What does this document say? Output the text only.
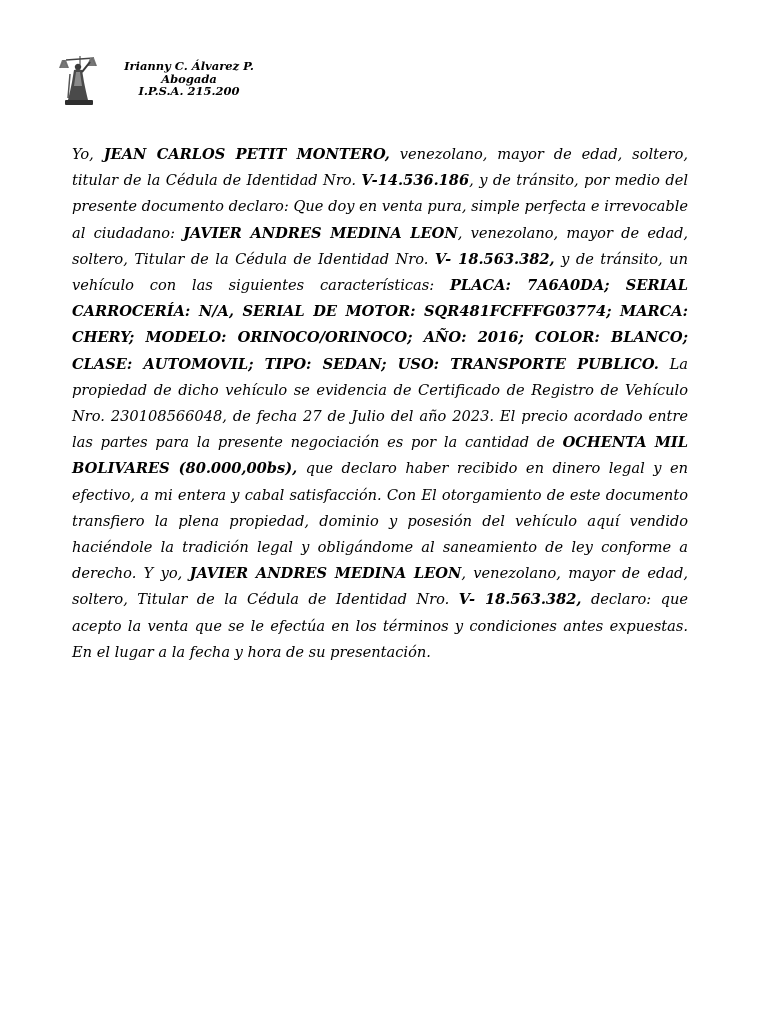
Irianny C. Álvarez P.
Abogada
I.P.S.A. 215.200

Yo, JEAN CARLOS PETIT MONTERO, venezolano, mayor de edad, soltero, titular de la Cédula de Identidad Nro. V-14.536.186, y de tránsito, por medio del presente documento declaro: Que doy en venta pura, simple perfecta e irrevocable al ciudadano: JAVIER ANDRES MEDINA LEON, venezolano, mayor de edad, soltero, Titular de la Cédula de Identidad Nro. V- 18.563.382, y de tránsito, un vehículo con las siguientes características: PLACA: 7A6A0DA; SERIAL CARROCERÍA: N/A, SERIAL DE MOTOR: SQR481FCFFFG03774; MARCA: CHERY; MODELO: ORINOCO/ORINOCO; AÑO: 2016; COLOR: BLANCO; CLASE: AUTOMOVIL; TIPO: SEDAN; USO: TRANSPORTE PUBLICO. La propiedad de dicho vehículo se evidencia de Certificado de Registro de Vehículo Nro. 230108566048, de fecha 27 de Julio del año 2023. El precio acordado entre las partes para la presente negociación es por la cantidad de OCHENTA MIL BOLIVARES (80.000,00bs), que declaro haber recibido en dinero legal y en efectivo, a mi entera y cabal satisfacción. Con El otorgamiento de este documento transfiero la plena propiedad, dominio y posesión del vehículo aquí vendido haciéndole la tradición legal y obligándome al saneamiento de ley conforme a derecho. Y yo, JAVIER ANDRES MEDINA LEON, venezolano, mayor de edad, soltero, Titular de la Cédula de Identidad Nro. V- 18.563.382, declaro: que acepto la venta que se le efectúa en los términos y condiciones antes expuestas. En el lugar a la fecha y hora de su presentación.
